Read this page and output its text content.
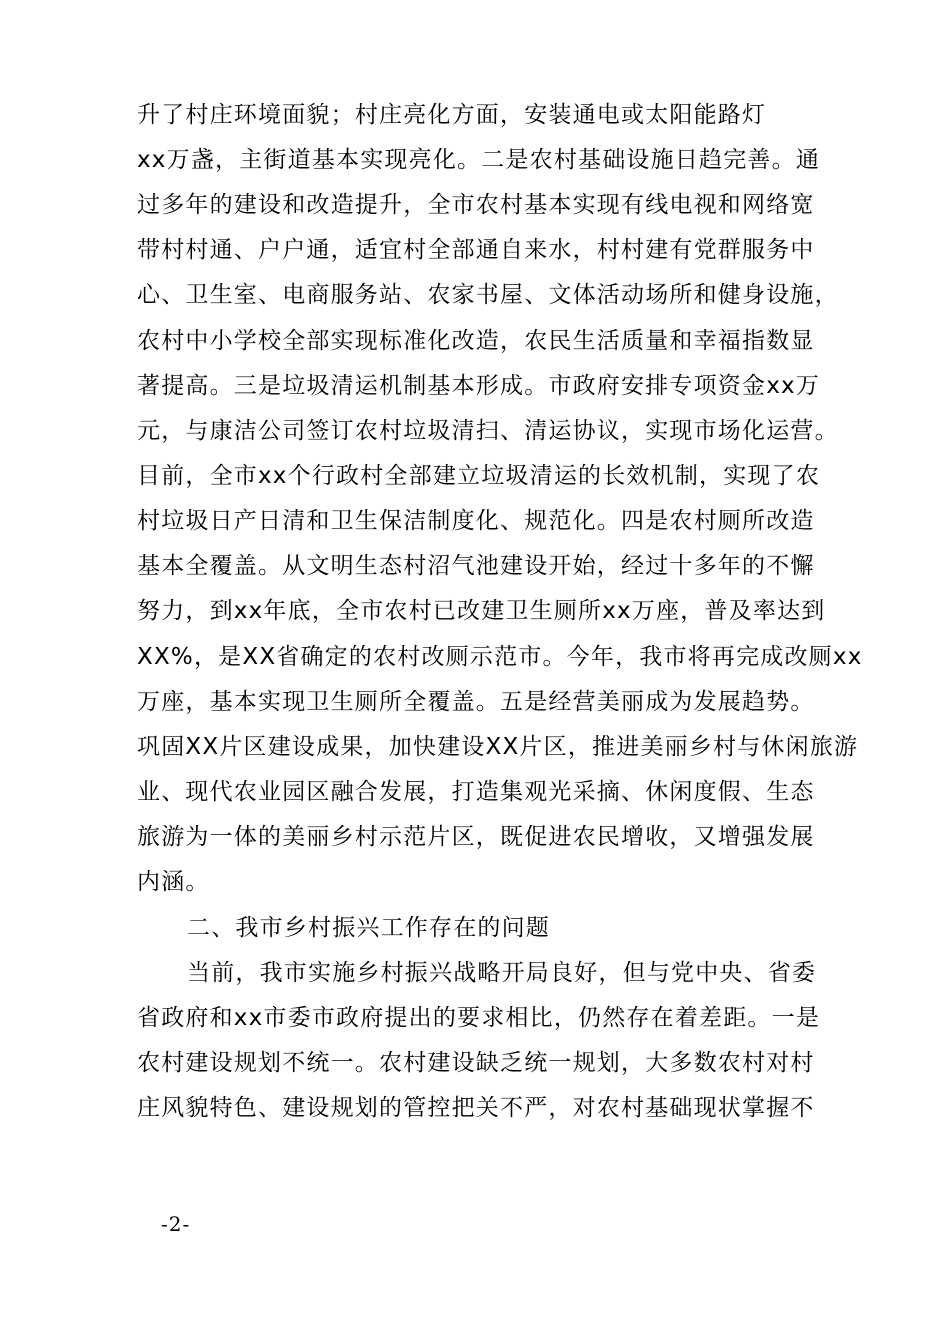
升了村庄环境面貌；村庄亮化方面，安装通电或太阳能路灯
xx万盏，主街道基本实现亮化。二是农村基础设施日趋完善。通
过多年的建设和改造提升，全市农村基本实现有线电视和网络宽
带村村通、户户通，适宜村全部通自来水，村村建有党群服务中
心、卫生室、电商服务站、农家书屋、文体活动场所和健身设施，
农村中小学校全部实现标准化改造，农民生活质量和幸福指数显
著提高。三是垃圾清运机制基本形成。市政府安排专项资金xx万
元，与康洁公司签订农村垃圾清扫、清运协议，实现市场化运营。
目前，全市xx个行政村全部建立垃圾清运的长效机制，实现了农
村垃圾日产日清和卫生保洁制度化、规范化。四是农村厕所改造
基本全覆盖。从文明生态村沼气池建设开始，经过十多年的不懈
努力，到xx年底，全市农村已改建卫生厕所xx万座，普及率达到
XX%，是XX省确定的农村改厕示范市。今年，我市将再完成改厕xx
万座，基本实现卫生厕所全覆盖。五是经营美丽成为发展趋势。
巩固XX片区建设成果，加快建设XX片区，推进美丽乡村与休闲旅游
业、现代农业园区融合发展，打造集观光采摘、休闲度假、生态
旅游为一体的美丽乡村示范片区，既促进农民增收，又增强发展
内涵。
二、我市乡村振兴工作存在的问题
当前，我市实施乡村振兴战略开局良好，但与党中央、省委
省政府和xx市委市政府提出的要求相比，仍然存在着差距。一是
农村建设规划不统一。农村建设缺乏统一规划，大多数农村对村
庄风貌特色、建设规划的管控把关不严，对农村基础现状掌握不
-2-
